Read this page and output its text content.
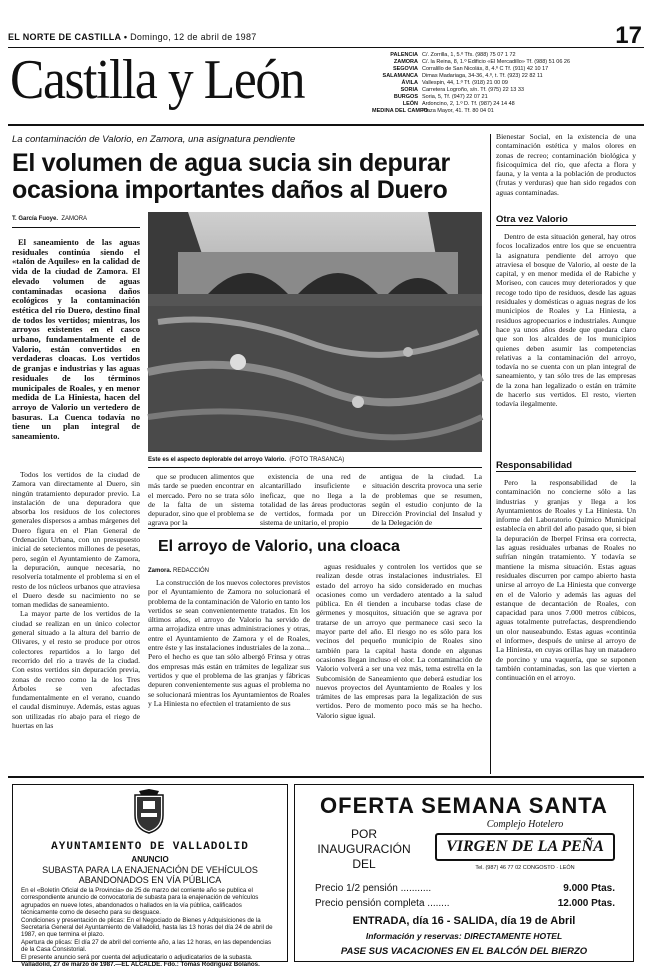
EL NORTE DE CASTILLA • Domingo, 12 de abril de 1987	17
Castilla y León	PALENCIA C/. Zorrilla, 1, 5.º Tfs. (988) 75 07 1 72
ZAMORA C/. la Reina, 8, 1.º Edificio «El Mercadillo» Tf. (988) 51 06 26
SEGOVIA Corralillo de San Nicolás, 8, 4.º C Tf. (911) 42 10 17
SALAMANCA Dimas Madariaga, 34-36, 4.º, t. Tf. (923) 22 82 11
ÁVILA Vallespin, 44, 1.º Tf. (918) 21 00 09
SORIA Carretera Logroño, s/n. Tf. (975) 22 13 33
BURGOS Soria, 5, Tf. (947) 22 07 21
LEÓN Ardoncino, 2, 1.º D. Tf. (987) 24 14 48
MEDINA DEL CAMPOPlaza Mayor, 41. Tf. 80 04 01
La contaminación de Valorio, en Zamora, una asignatura pendiente
El volumen de agua sucia sin depurar ocasiona importantes daños al Duero
T. García Fuoye. ZAMORA
El saneamiento de las aguas residuales continúa siendo el «talón de Aquiles» en la calidad de vida de la ciudad de Zamora. El elevado volumen de aguas contaminadas ocasiona daños ecológicos y la contaminación estética del río Duero, destino final de todos los vertidos; mientras, los arroyos existentes en el casco urbano, fundamentalmente el de Valorio, están convertidos en verdaderas cloacas. Los vertidos de granjas e industrias y las aguas residuales de los términos municipales de Roales, y en menor medida de La Hiniesta, hacen del arroyo de Valorio un vertedero de basuras. La Cuenca todavía no tiene un plan integral de saneamiento.
Este es el aspecto deplorable del arroyo Valorio. (FOTO TRASANCA)

Todos los vertidos de la ciudad de Zamora van directamente al Duero, sin ningún tratamiento depurador previo. La instalación de una depuradora que absorba los residuos de los colectores generales dispersos a ambas márgenes del Duero figura en el Plan General de Ordenación Urbana, con un presupuesto inicial de setecientos millones de pesetas, pero, según el Ayuntamiento de Zamora, la depuración, aunque necesaria, no resolvería totalmente el problema si en el resto de los núcleos urbanos que atraviesa el Duero desde su nacimiento no se toman medidas de saneamiento.

La mayor parte de los vertidos de la ciudad se realizan en un único colector general situado a la altura del barrio de Olivares, y el resto se produce por otros colectores repartidos a lo largo del recorrido del río a través de la ciudad. Con estos vertidos sin depuración previa, zonas de recreo como la de los Tres Árboles se ven afectadas fundamentalmente en el verano, cuando el caudal disminuye. Además, estas aguas son utilizadas río abajo para el riego de huertas en las

que se producen alimentos que más tarde se pueden encontrar en el mercado. Pero no se trata sólo de la falta de un sistema depurador, sino que el problema se agrava por la

existencia de una red de alcantarillado insuficiente e ineficaz, que no llega a la totalidad de las áreas productoras de vertidos, formada por un sistema de unitario, el propio

antigua de la ciudad. La situación descrita provoca una serie de problemas que se resumen, según el estudio conjunto de la Dirección Provincial del Insalud y de la Delegación de

El arroyo de Valorio, una cloaca
Zamora. REDACCIÓN

La construcción de los nuevos colectores previstos por el Ayuntamiento de Zamora no solucionará el problema de la contaminación de Valorio en tanto los vertidos se sean convenientemente tratados. En los últimos años, el arroyo de Valorio ha servido de arma arrojadiza entre unas administraciones y otras, entre el Ayuntamiento de Zamora y el de Roales, entre éste y las instalaciones industriales de la zona... Pero el hecho es que tan sólo albergó Frinsa y otras dos empresas más están en trámites de legalizar sus vertidos y que el problema de las granjas y fábricas depuren convenientemente sus aguas el problema no se solucionará mientras los Ayuntamientos de Roales y La Hiniesta no efectúen el tratamiento de sus

aguas residuales y controlen los vertidos que se realizan desde otras instalaciones industriales. El estado del arroyo ha sido considerado en muchas ocasiones como un verdadero atentado a la salud pública. En él tienden a incubarse todas clase de gérmenes y mosquitos, situación que se agrava por tratarse de un arroyo que permanece casi seco la mayor parte del año. El riesgo no es sólo para los vecinos del pequeño municipio de Roales sino también para la capital hasta donde en algunas ocasiones llegan incluso el olor. La contaminación de Valorio volverá a ser una vez más, tema estrella en la Subcomisión de Saneamiento que deberá estudiar los nuevos proyectos del Ayuntamiento de Roales y los trámites de las empresas para la legalización de sus vertidos. Pero de momento poco más se ha hecho. Valorio sigue igual.

Bienestar Social, en la existencia de una contaminación estética y malos olores en zonas de recreo; contaminación biológica y fisicoquímica del río, que afecta a flora y fauna, y la venta a la población de productos (frutas y verduras) que han sido regados con aguas contaminadas.

Otra vez Valorio

Dentro de esta situación general, hay otros focos localizados entre los que se encuentra la asignatura pendiente del arroyo que atraviesa el bosque de Valorio, al oeste de la capital, y en menor medida el de Rabiche y Moriseo, con cauces muy deteriorados y que recoge todo tipo de residuos, desde las aguas residuales y domésticas o aguas negras de los municipios de Roales y La Hiniesta, a residuos agropecuarios e industriales. Aunque hace ya unos años desde que quedara claro que son los alcaldes de los municipios quienes deben asumir las competencias relativas a la contaminación del arroyo, todavía no se cuenta con un plan integral de saneamiento, y tan sólo tres de las empresas de la zona han legalizado o están en trámite de hacerlo sus vertidos. El resto, vierten todavía ilegalmente.

Responsabilidad

Pero la responsabilidad de la contaminación no concierne sólo a las industrias y granjas y llega a los Ayuntamientos de Roales y La Hiniesta. Un informe del Laboratorio Químico Municipal establecía en abril del año pasado que, si bien la depuración de Iberpel Frinsa era correcta, las aguas residuales urbanas de Roales no sufrían ningún tratamiento. Y todavía se mantiene la misma situación. Estas aguas residuales discurren por campo abierto hasta unirse al arroyo de La Hiniesta que converge en el de Valorio y además las aguas del estanque de decantación de Roales, con capacidad para unos 7.000 metros cúbicos, aguas totalmente putrefactas, desprendiendo un olor nauseabundo. Estas aguas «continúa el informe», después de unirse al arroyo de La Hiniesta, en cuyas orillas hay un matadero de porcino y una vaquería, que se suponen también contaminadas, son las que vierten a continuación en el arroyo.

AYUNTAMIENTO DE VALLADOLID
ANUNCIO
SUBASTA PARA LA ENAJENACIÓN DE VEHÍCULOS ABANDONADOS EN VÍA PÚBLICA
En el «Boletín Oficial de la Provincia» de 25 de marzo del corriente año se publica el correspondiente anuncio de convocatoria de subasta para la enajenación de vehículos agrupados en nueve lotes, abandonados o hallados en la vía pública, calificados técnicamente como de desecho para su desguace.
Condiciones y presentación de plicas: En el Negociado de Bienes y Adquisiciones de la Secretaría General del Ayuntamiento de Valladolid, hasta las 13 horas del día 24 de abril de 1987, en que termina el plazo.
Apertura de plicas: El día 27 de abril del corriente año, a las 12 horas, en las dependencias de la Casa Consistorial.
El presente anuncio será por cuenta del adjudicatario o adjudicatarios de la subasta.
Valladolid, 27 de marzo de 1987.—EL ALCALDE. Fdo.: Tomás Rodríguez Bolaños.
OFERTA SEMANA SANTA
POR
INAUGURACIÓN
DEL
Complejo Hotelero
VIRGEN DE LA PEÑA
Tel. (987) 46 77 02 CONGOSTO · LEÓN
Precio 1/2 pensión ...........	9.000 Ptas.
Precio pensión completa ........	12.000 Ptas.
ENTRADA, día 16 - SALIDA, día 19 de Abril
Información y reservas: DIRECTAMENTE HOTEL
PASE SUS VACACIONES EN EL BALCÓN DEL BIERZO
